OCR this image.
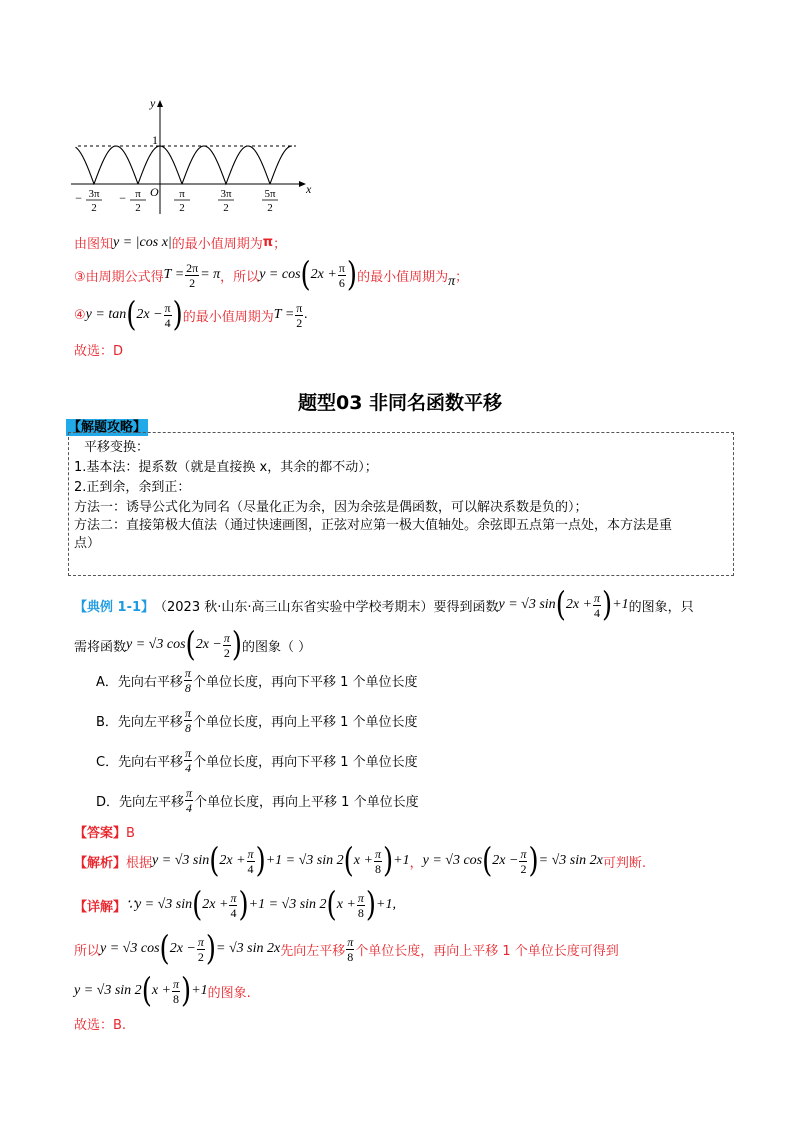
y
x
1
O
− 3π
2
− π
2
π
2
3π
2
5π
2
由图知 y = |cos x| 的最小值周期为 π ；
③由周期公式得 $T = \frac{2\pi}{2} = \pi$ ，所以 y = cos ( $2x + \frac{\pi}{6}$ ) 的最小值周期为 π ；
④ y = tan ( $2x - \frac{\pi}{4}$ ) 的最小值周期为 $T = \frac{\pi}{2}$ .
故选：D
题型03 非同名函数平移
【解题攻略】
平移变换：
1.基本法：提系数（就是直接换 x，其余的都不动）；
2.正到余，余到正：
方法一：诱导公式化为同名（尽量化正为余，因为余弦是偶函数，可以解决系数是负的）；
方法二：直接第极大值法（通过快速画图，正弦对应第一极大值轴处。余弦即五点第一点处，本方法是重
点）
【典例 1-1】 （2023 秋·山东·高三山东省实验中学校考期末）要得到函数 y = √3 sin ( $2x + \frac{\pi}{4}$ ) +1 的图象，只
需将函数 y = √3 cos ( $2x - \frac{\pi}{2}$ ) 的图象（ ）
A． 先向右平移 $\frac{\pi}{8}$ 个单位长度，再向下平移 1 个单位长度
B． 先向左平移 $\frac{\pi}{8}$ 个单位长度，再向上平移 1 个单位长度
C． 先向右平移 $\frac{\pi}{4}$ 个单位长度，再向下平移 1 个单位长度
D． 先向左平移 $\frac{\pi}{4}$ 个单位长度，再向上平移 1 个单位长度
【答案】B
【解析】 根据 y = √3 sin ( $2x + \frac{\pi}{4}$ ) +1 = √3 sin 2 ( $x + \frac{\pi}{8}$ ) +1 ， y = √3 cos ( $2x - \frac{\pi}{2}$ ) = √3 sin 2x 可判断.
【详解】 ∵ y = √3 sin ( $2x + \frac{\pi}{4}$ ) +1 = √3 sin 2 ( $x + \frac{\pi}{8}$ ) +1,
所以 y = √3 cos ( $2x - \frac{\pi}{2}$ ) = √3 sin 2x 先向左平移 $\frac{\pi}{8}$ 个单位长度，再向上平移 1 个单位长度可得到
y = √3 sin 2 ( $x + \frac{\pi}{8}$ ) +1 的图象.
故选：B.
